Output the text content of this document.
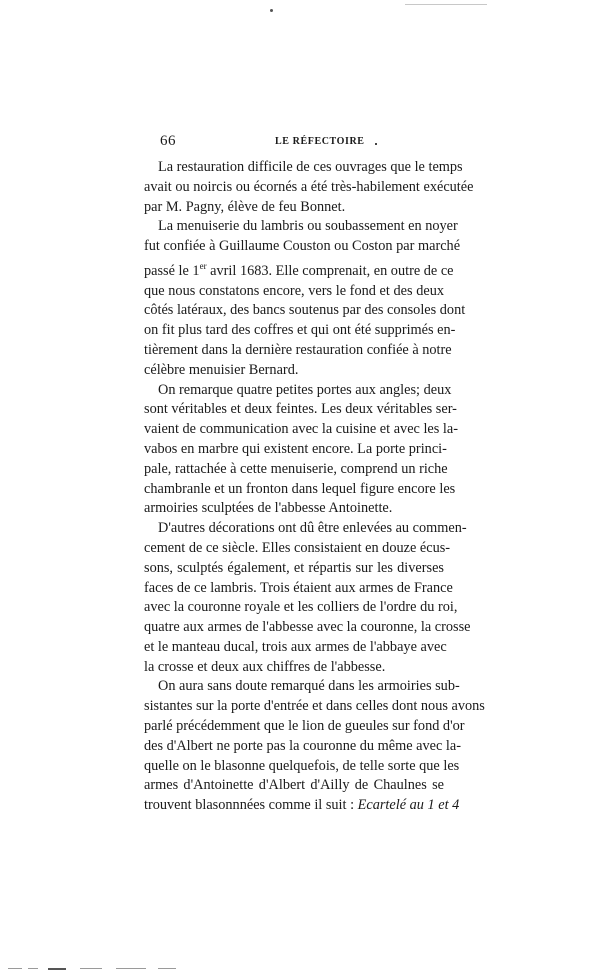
66	LE RÉFECTOIRE

La restauration difficile de ces ouvrages que le temps
avait ou noircis ou écornés a été très-habilement exécutée
par M. Pagny, élève de feu Bonnet.

La menuiserie du lambris ou soubassement en noyer
fut confiée à Guillaume Couston ou Coston par marché
passé le 1er avril 1683. Elle comprenait, en outre de ce
que nous constatons encore, vers le fond et des deux
côtés latéraux, des bancs soutenus par des consoles dont
on fit plus tard des coffres et qui ont été supprimés en-
tièrement dans la dernière restauration confiée à notre
célèbre menuisier Bernard.

On remarque quatre petites portes aux angles; deux
sont véritables et deux feintes. Les deux véritables ser-
vaient de communication avec la cuisine et avec les la-
vabos en marbre qui existent encore. La porte princi-
pale, rattachée à cette menuiserie, comprend un riche
chambranle et un fronton dans lequel figure encore les
armoiries sculptées de l'abbesse Antoinette.

D'autres décorations ont dû être enlevées au commen-
cement de ce siècle. Elles consistaient en douze écus-
sons, sculptés également, et répartis sur les diverses
faces de ce lambris. Trois étaient aux armes de France
avec la couronne royale et les colliers de l'ordre du roi,
quatre aux armes de l'abbesse avec la couronne, la crosse
et le manteau ducal, trois aux armes de l'abbaye avec
la crosse et deux aux chiffres de l'abbesse.

On aura sans doute remarqué dans les armoiries sub-
sistantes sur la porte d'entrée et dans celles dont nous avons
parlé précédemment que le lion de gueules sur fond d'or
des d'Albert ne porte pas la couronne du même avec la-
quelle on le blasonne quelquefois, de telle sorte que les
armes d'Antoinette d'Albert d'Ailly de Chaulnes se
trouvent blasonnnées comme il suit : Ecartelé au 1 et 4
